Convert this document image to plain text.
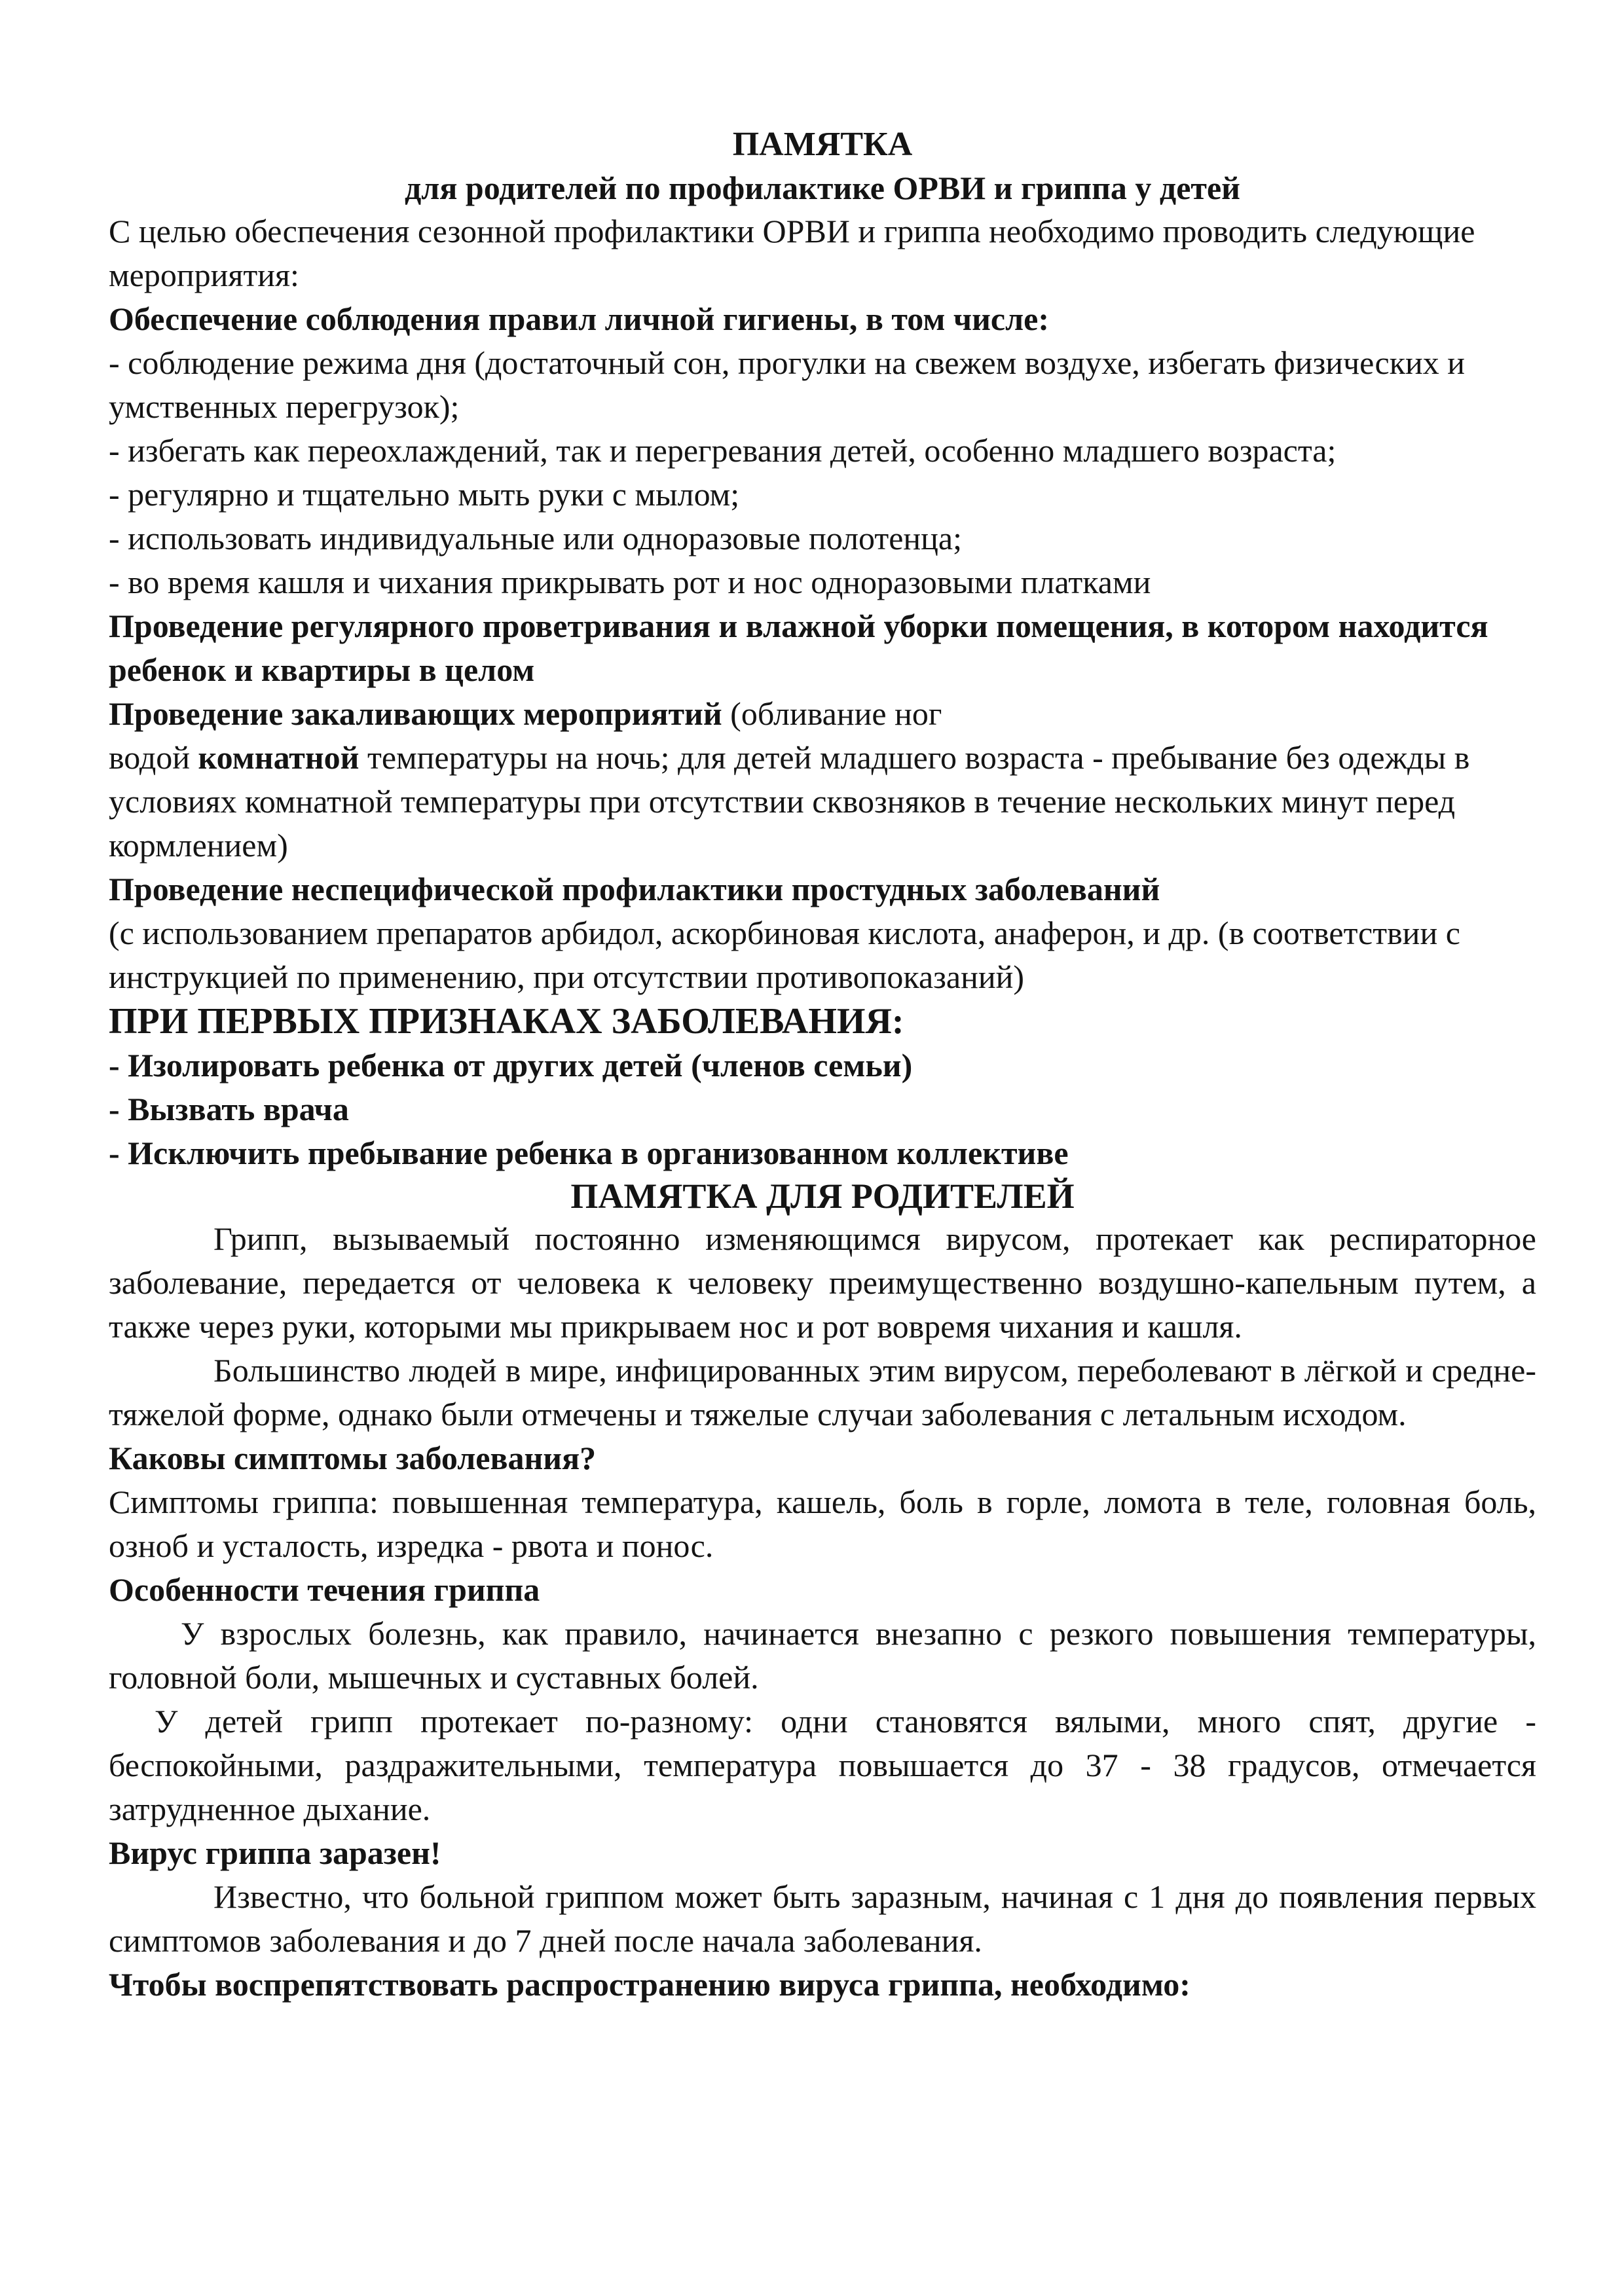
ПАМЯТКА

для родителей по профилактике ОРВИ и гриппа у детей

С целью обеспечения сезонной профилактики ОРВИ и гриппа необходимо проводить следующие мероприятия:

Обеспечение соблюдения правил личной гигиены, в том числе:

- соблюдение режима дня (достаточный сон, прогулки на свежем воздухе, избегать физических и умственных перегрузок);

- избегать как переохлаждений, так и перегревания детей, особенно младшего возраста;

- регулярно и тщательно мыть руки с мылом;

- использовать индивидуальные или одноразовые полотенца;

- во время кашля и чихания прикрывать рот и нос одноразовыми платками

Проведение регулярного проветривания и влажной уборки помещения, в котором находится ребенок и квартиры в целом

Проведение закаливающих мероприятий (обливание ног

водой комнатной температуры на ночь; для детей младшего возраста - пребывание без одежды в условиях комнатной температуры при отсутствии сквозняков в течение нескольких минут перед кормлением)

Проведение неспецифической профилактики простудных заболеваний

(с использованием препаратов арбидол, аскорбиновая кислота, анаферон, и др. (в соответствии с инструкцией по применению, при отсутствии противопоказаний)

ПРИ ПЕРВЫХ ПРИЗНАКАХ ЗАБОЛЕВАНИЯ:

- Изолировать ребенка от других детей (членов семьи)

- Вызвать врача

- Исключить пребывание ребенка в организованном коллективе

ПАМЯТКА ДЛЯ РОДИТЕЛЕЙ

Грипп, вызываемый постоянно изменяющимся вирусом, протекает как респираторное заболевание, передается от человека к человеку преимущественно воздушно-капельным путем, а также через руки, которыми мы прикрываем нос и рот вовремя чихания и кашля.

Большинство людей в мире, инфицированных этим вирусом, переболевают в лёгкой и средне-тяжелой форме, однако были отмечены и тяжелые случаи заболевания с летальным исходом.

Каковы симптомы заболевания?

Симптомы гриппа: повышенная температура, кашель, боль в горле, ломота в теле, головная боль, озноб и усталость, изредка - рвота и понос.

Особенности течения гриппа

У взрослых болезнь, как правило, начинается внезапно с резкого повышения температуры, головной боли, мышечных и суставных болей.

У детей грипп протекает по-разному: одни становятся вялыми, много спят, другие - беспокойными, раздражительными, температура повышается до 37 - 38 градусов, отмечается затрудненное дыхание.

Вирус гриппа заразен!

Известно, что больной гриппом может быть заразным, начиная с 1 дня до появления первых симптомов заболевания и до 7 дней после начала заболевания.

Чтобы воспрепятствовать распространению вируса гриппа, необходимо:
